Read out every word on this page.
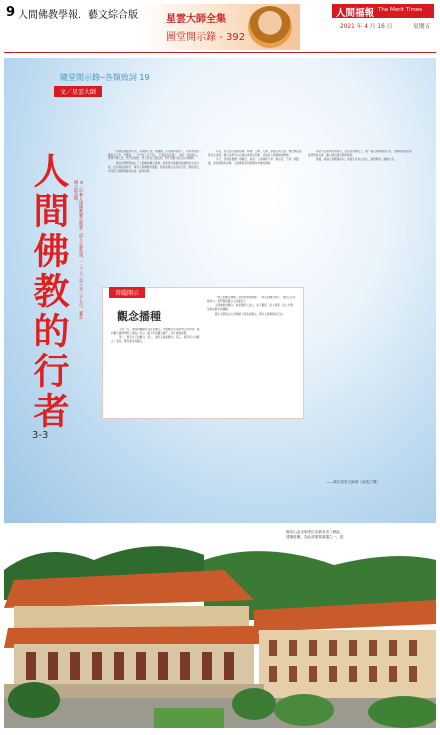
9 人間佛教學報．藝文綜合版	星雲大師全集
圖堂開示錄 - 392
人間福報 The Merit Times
2021 年 4 月 16 日	星期五
隨堂開示錄─各類致詞 19
文／星雲大師
人間佛教的行者	※〈中華人間佛教聯合總會〉成立大會致詞，二○○三年六月二十七日，臺北國父紀念館。
3-3

我現在跟隨著手到，其實歸于到，照護護，可以歸實快速了，其實我是是一種每天工作，不斷說「一日不作一日不食」，不過因為忙懂了，做有一個比較人，覺得不務人忙，對不起貌的，對不起自己的信仰，對不起歡大的文化和佛教。

現在你們既然成立了人間佛教聯合總會，我希望今後要加強佛教的文化自信，在有佛法的地方，就有人間佛教的推動，我相信諸位在座的大德，都能發心，共同把人間佛教推向社會、推向世界。

所以，我主張不論是信佛、修佛、念佛、行佛，都要走向人間，要把佛法落實在生活裡，讓大家都可以在佛法裡得到安樂，這就是人間佛教的精神。

今天，我還是要講一個觀念，就是：人間佛教不是一個宗派，不是一個組織，而是佛陀的本懷，人間佛教是回歸佛陀本懷的佛教。

希望大家能夠共同發心，在各自的崗位上，做一個人間佛教的行者，把佛陀的慈悲與智慧帶給社會，讓人間充滿光明與希望。

最後，祝福大會圓滿成功，祝福大家身心自在，福慧增長。謝謝大家。

菩薩開示
觀念播種

人的一生，成敗的關鍵往往在於觀念，對的觀念引導我們走向光明，錯的觀念讓我們陷入煩惱。所以，播下好的觀念種子，比什麼都重要。

第一，要有自己的觀念；第二，要有正確的觀念；第三，要有利人的觀念；第四，要有進步的觀念。

一個人的觀念開闊，他的世界就開闊；一個人的觀念狹小，他的人生也就狹小。我們要從觀念上改變自己。

人間佛教的觀念，就是要給人信心、給人歡喜、給人希望、給人方便，這就是最好的播種。

願大家都能在心田裡播下善美的觀念，開出人間佛教的花朵。

——摘自星雲大師著《迷悟之間》
佛光山金光明寺位於新北市三峽區，
建築莊嚴，為北部重要道場之一，是
